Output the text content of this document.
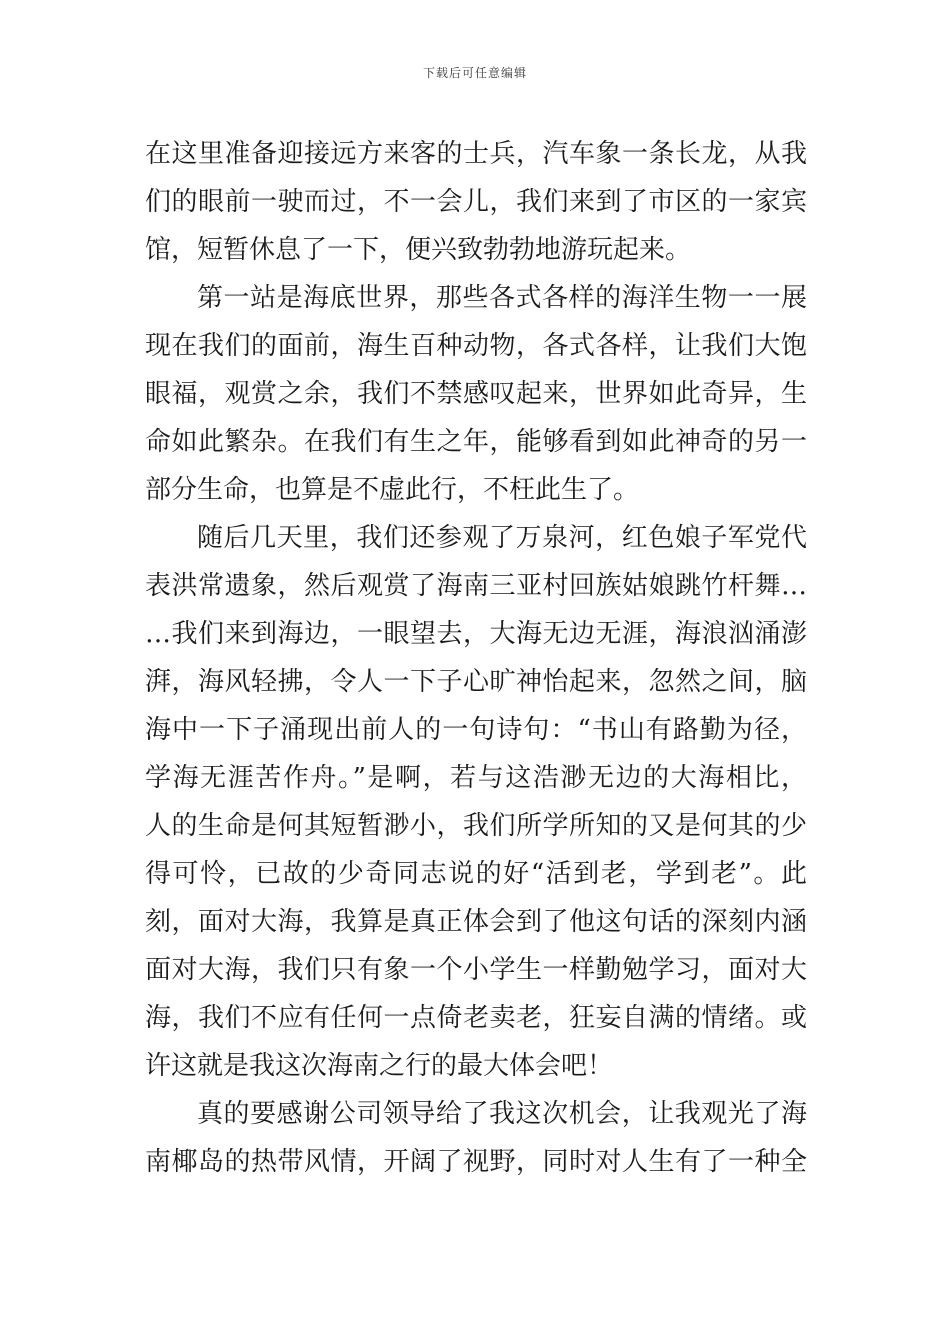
下载后可任意编辑
在这里准备迎接远方来客的士兵，汽车象一条长龙，从我
们的眼前一驶而过，不一会儿，我们来到了市区的一家宾
馆，短暂休息了一下，便兴致勃勃地游玩起来。
第一站是海底世界，那些各式各样的海洋生物一一展
现在我们的面前，海生百种动物，各式各样，让我们大饱
眼福，观赏之余，我们不禁感叹起来，世界如此奇异，生
命如此繁杂。在我们有生之年，能够看到如此神奇的另一
部分生命，也算是不虚此行，不枉此生了。
随后几天里，我们还参观了万泉河，红色娘子军党代
表洪常遗象，然后观赏了海南三亚村回族姑娘跳竹杆舞…
…我们来到海边，一眼望去，大海无边无涯，海浪汹涌澎
湃，海风轻拂，令人一下子心旷神怡起来，忽然之间，脑
海中一下子涌现出前人的一句诗句：“书山有路勤为径，
学海无涯苦作舟。”是啊，若与这浩渺无边的大海相比，
人的生命是何其短暂渺小，我们所学所知的又是何其的少
得可怜，已故的少奇同志说的好“活到老，学到老”。此
刻，面对大海，我算是真正体会到了他这句话的深刻内涵
面对大海，我们只有象一个小学生一样勤勉学习，面对大
海，我们不应有任何一点倚老卖老，狂妄自满的情绪。或
许这就是我这次海南之行的最大体会吧！
真的要感谢公司领导给了我这次机会，让我观光了海
南椰岛的热带风情，开阔了视野，同时对人生有了一种全
